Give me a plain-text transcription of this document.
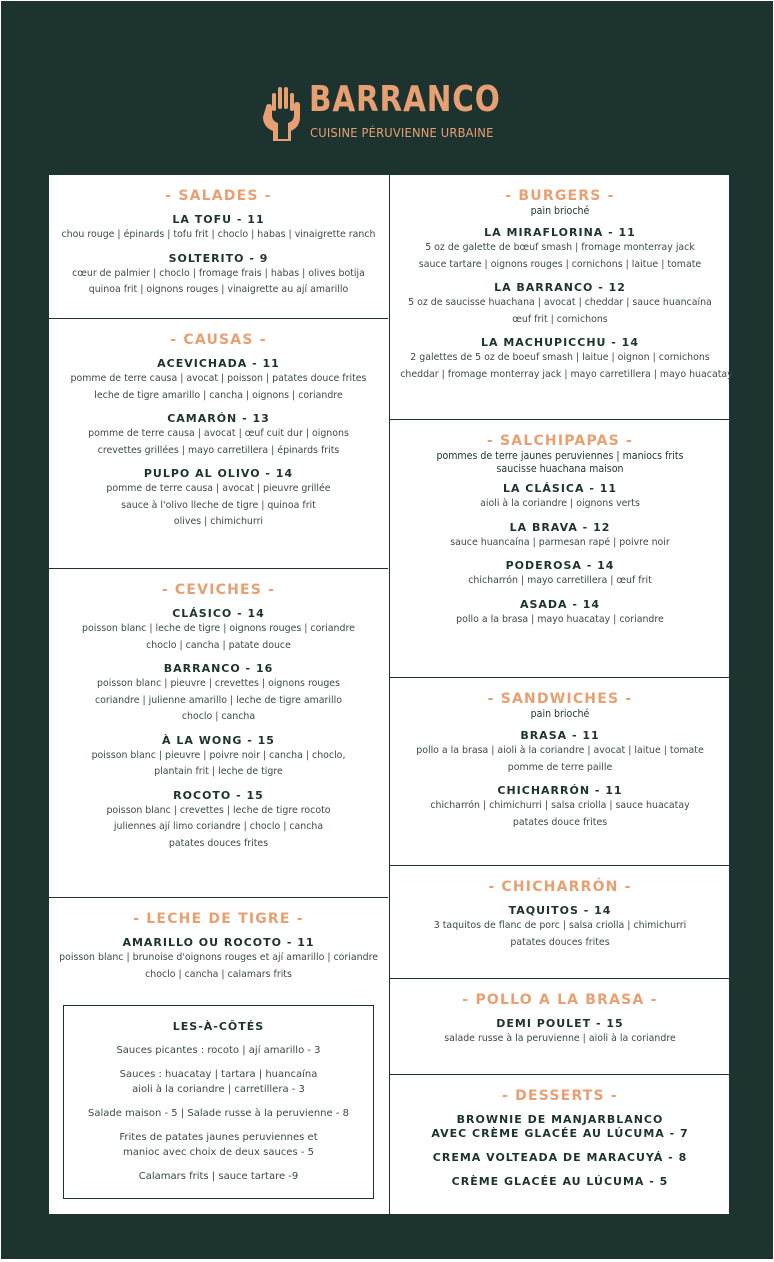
BARRANCO
CUISINE PÉRUVIENNE URBAINE
- SALADES -
LA TOFU - 11
chou rouge | épinards | tofu frit | choclo | habas | vinaigrette ranch
SOLTERITO - 9
cœur de palmier | choclo | fromage frais | habas | olives botija
quinoa frit | oignons rouges | vinaigrette au ají amarillo
- CAUSAS -
ACEVICHADA - 11
pomme de terre causa | avocat | poisson | patates douce frites
leche de tigre amarillo | cancha | oignons | coriandre
CAMARÓN - 13
pomme de terre causa | avocat | œuf cuit dur | oignons
crevettes grillées | mayo carretillera | épinards frits
PULPO AL OLIVO - 14
pomme de terre causa | avocat | pieuvre grillée
sauce à l'olivo lleche de tigre | quinoa frit
olives | chimichurri
- CEVICHES -
CLÁSICO - 14
poisson blanc | leche de tigre | oignons rouges | coriandre
choclo | cancha | patate douce
BARRANCO - 16
poisson blanc | pieuvre | crevettes | oignons rouges
coriandre | julienne amarillo | leche de tigre amarillo
choclo | cancha
À LA WONG - 15
poisson blanc | pieuvre | poivre noir | cancha | choclo,
plantain frit | leche de tigre
ROCOTO - 15
poisson blanc | crevettes | leche de tigre rocoto
juliennes ají limo coriandre | choclo | cancha
patates douces frites
- LECHE DE TIGRE -
AMARILLO OU ROCOTO - 11
poisson blanc | brunoise d'oignons rouges et ají amarillo | coriandre
choclo | cancha | calamars frits
LES-À-CÔTÉS
Sauces picantes : rocoto | ají amarillo - 3
Sauces : huacatay | tartara | huancaína
aioli à la coriandre | carretillera - 3
Salade maison - 5 | Salade russe à la peruvienne - 8
Frites de patates jaunes peruviennes et
manioc avec choix de deux sauces - 5
Calamars frits | sauce tartare -9
- BURGERS -
pain brioché
LA MIRAFLORINA - 11
5 oz de galette de bœuf smash | fromage monterray jack
sauce tartare | oignons rouges | cornichons | laitue | tomate
LA BARRANCO - 12
5 oz de saucisse huachana | avocat | cheddar | sauce huancaína
œuf frit | cornichons
LA MACHUPICCHU - 14
2 galettes de 5 oz de boeuf smash | laitue | oignon | cornichons
cheddar | fromage monterray jack | mayo carretillera | mayo huacatay
- SALCHIPAPAS -
pommes de terre jaunes peruviennes | maniocs frits
saucisse huachana maison
LA CLÁSICA - 11
aioli à la coriandre | oignons verts
LA BRAVA - 12
sauce huancaína | parmesan rapé | poivre noir
PODEROSA - 14
chicharrón | mayo carretillera | œuf frit
ASADA - 14
pollo a la brasa | mayo huacatay | coriandre
- SANDWICHES -
pain brioché
BRASA - 11
pollo a la brasa | aioli à la coriandre | avocat | laitue | tomate
pomme de terre paille
CHICHARRÓN - 11
chicharrón | chimichurri | salsa criolla | sauce huacatay
patates douce frites
- CHICHARRÓN -
TAQUITOS - 14
3 taquitos de flanc de porc | salsa criolla | chimichurri
patates douces frites
- POLLO A LA BRASA -
DEMI POULET - 15
salade russe à la peruvienne | aioli à la coriandre
- DESSERTS -
BROWNIE DE MANJARBLANCO
AVEC CRÈME GLACÉE AU LÚCUMA - 7
CREMA VOLTEADA DE MARACUYÁ - 8
CRÈME GLACÉE AU LÚCUMA - 5
